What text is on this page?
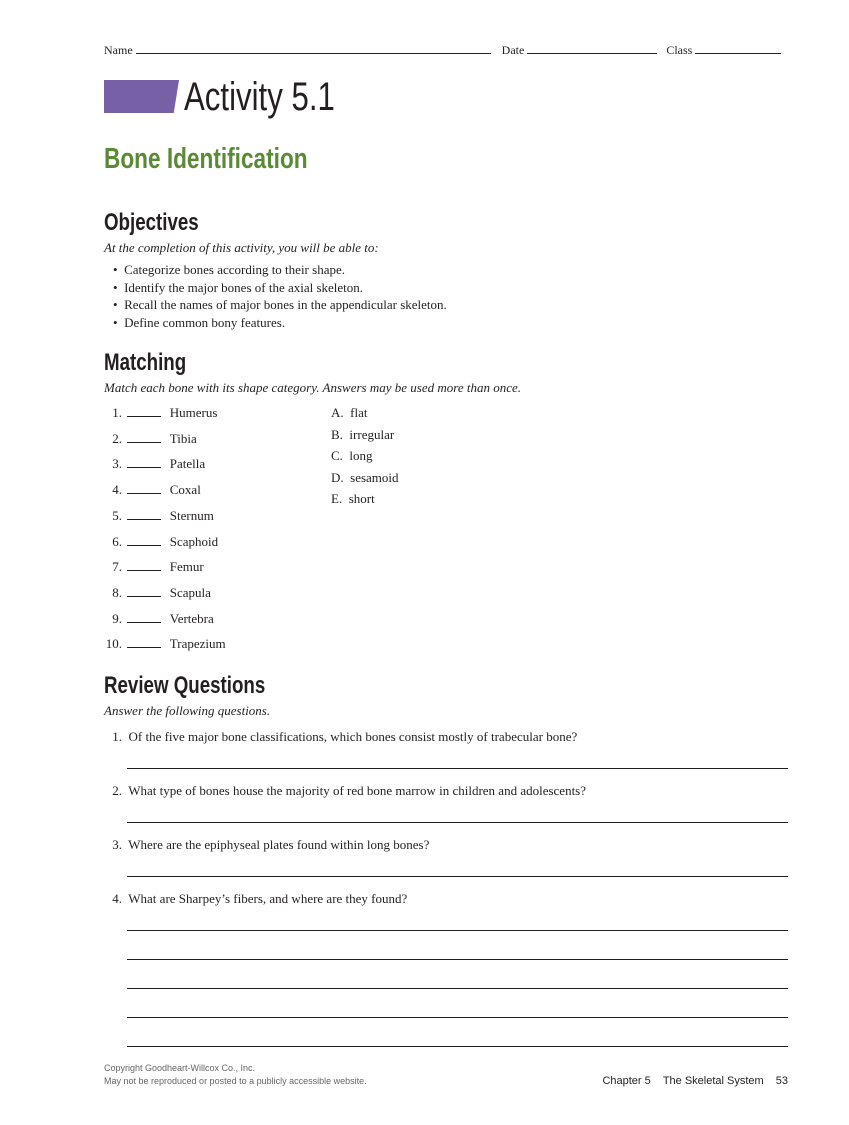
Name	Date	Class
Activity 5.1
Bone Identification
Objectives
At the completion of this activity, you will be able to:
• Categorize bones according to their shape.
• Identify the major bones of the axial skeleton.
• Recall the names of major bones in the appendicular skeleton.
• Define common bony features.
Matching
Match each bone with its shape category. Answers may be used more than once.
1.	Humerus
2.	Tibia
3.	Patella
4.	Coxal
5.	Sternum
6.	Scaphoid
7.	Femur
8.	Scapula
9.	Vertebra
10.	Trapezium
A. flat
B. irregular
C. long
D. sesamoid
E. short
Review Questions
Answer the following questions.
1. Of the five major bone classifications, which bones consist mostly of trabecular bone?
2. What type of bones house the majority of red bone marrow in children and adolescents?
3. Where are the epiphyseal plates found within long bones?
4. What are Sharpey’s fibers, and where are they found?
Copyright Goodheart-Willcox Co., Inc.
May not be reproduced or posted to a publicly accessible website.	Chapter 5 The Skeletal System 53
